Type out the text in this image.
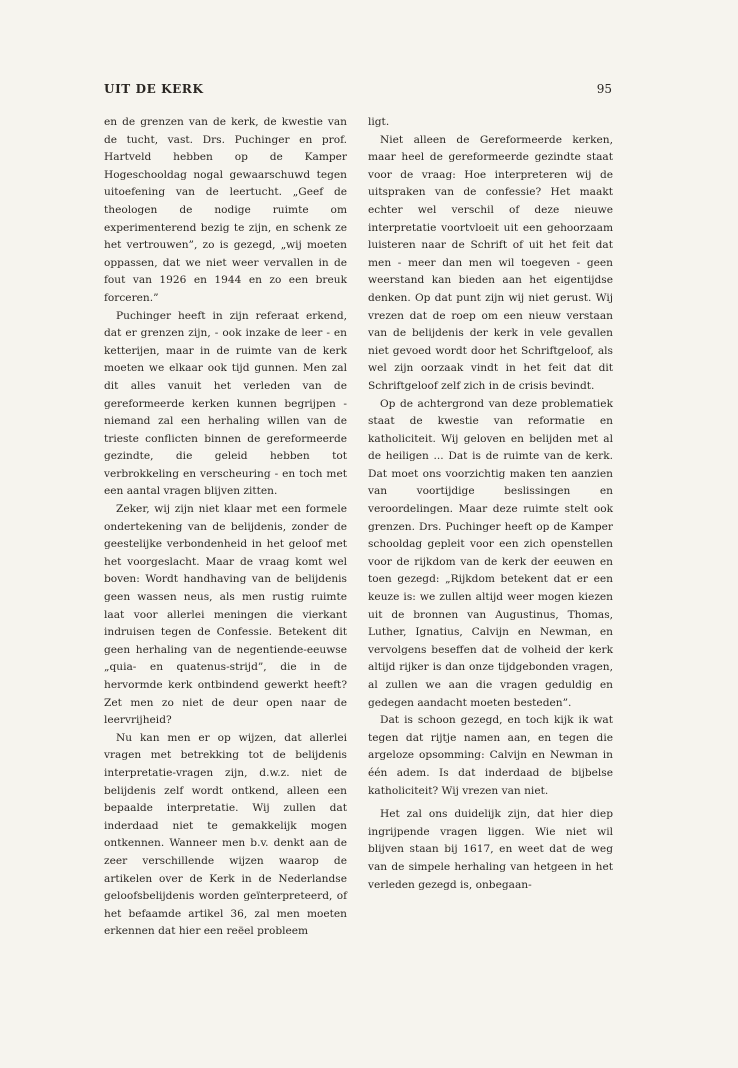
UIT DE KERK	95

en de grenzen van de kerk, de kwestie van de tucht, vast. Drs. Puchinger en prof. Hartveld hebben op de Kamper Hogeschooldag nogal gewaarschuwd tegen uitoefening van de leertucht. „Geef de theologen de nodige ruimte om experimenterend bezig te zijn, en schenk ze het vertrouwen”, zo is gezegd, „wij moeten oppassen, dat we niet weer vervallen in de fout van 1926 en 1944 en zo een breuk forceren.”

Puchinger heeft in zijn referaat erkend, dat er grenzen zijn, - ook inzake de leer - en ketterijen, maar in de ruimte van de kerk moeten we elkaar ook tijd gunnen. Men zal dit alles vanuit het verleden van de gereformeerde kerken kunnen begrijpen - niemand zal een herhaling willen van de trieste conflicten binnen de gereformeerde gezindte, die geleid hebben tot verbrokkeling en verscheuring - en toch met een aantal vragen blijven zitten.

Zeker, wij zijn niet klaar met een formele ondertekening van de belijdenis, zonder de geestelijke verbondenheid in het geloof met het voorgeslacht. Maar de vraag komt wel boven: Wordt handhaving van de belijdenis geen wassen neus, als men rustig ruimte laat voor allerlei meningen die vierkant indruisen tegen de Confessie. Betekent dit geen herhaling van de negentiende-eeuwse „quia- en quatenus-strijd”, die in de hervormde kerk ontbindend gewerkt heeft? Zet men zo niet de deur open naar de leervrijheid?

Nu kan men er op wijzen, dat allerlei vragen met betrekking tot de belijdenis interpretatie-vragen zijn, d.w.z. niet de belijdenis zelf wordt ontkend, alleen een bepaalde interpretatie. Wij zullen dat inderdaad niet te gemakkelijk mogen ontkennen. Wanneer men b.v. denkt aan de zeer verschillende wijzen waarop de artikelen over de Kerk in de Nederlandse geloofsbelijdenis worden geïnterpreteerd, of het befaamde artikel 36, zal men moeten erkennen dat hier een reëel probleem

ligt.

Niet alleen de Gereformeerde kerken, maar heel de gereformeerde gezindte staat voor de vraag: Hoe interpreteren wij de uitspraken van de confessie? Het maakt echter wel verschil of deze nieuwe interpretatie voortvloeit uit een gehoorzaam luisteren naar de Schrift of uit het feit dat men - meer dan men wil toegeven - geen weerstand kan bieden aan het eigentijdse denken. Op dat punt zijn wij niet gerust. Wij vrezen dat de roep om een nieuw verstaan van de belijdenis der kerk in vele gevallen niet gevoed wordt door het Schriftgeloof, als wel zijn oorzaak vindt in het feit dat dit Schriftgeloof zelf zich in de crisis bevindt.

Op de achtergrond van deze problematiek staat de kwestie van reformatie en katholiciteit. Wij geloven en belijden met al de heiligen ... Dat is de ruimte van de kerk. Dat moet ons voorzichtig maken ten aanzien van voortijdige beslissingen en veroordelingen. Maar deze ruimte stelt ook grenzen. Drs. Puchinger heeft op de Kamper schooldag gepleit voor een zich openstellen voor de rijkdom van de kerk der eeuwen en toen gezegd: „Rijkdom betekent dat er een keuze is: we zullen altijd weer mogen kiezen uit de bronnen van Augustinus, Thomas, Luther, Ignatius, Calvijn en Newman, en vervolgens beseffen dat de volheid der kerk altijd rijker is dan onze tijdgebonden vragen, al zullen we aan die vragen geduldig en gedegen aandacht moeten besteden”.

Dat is schoon gezegd, en toch kijk ik wat tegen dat rijtje namen aan, en tegen die argeloze opsomming: Calvijn en Newman in één adem. Is dat inderdaad de bijbelse katholiciteit? Wij vrezen van niet.

Het zal ons duidelijk zijn, dat hier diep ingrijpende vragen liggen. Wie niet wil blijven staan bij 1617, en weet dat de weg van de simpele herhaling van hetgeen in het verleden gezegd is, onbegaan-
